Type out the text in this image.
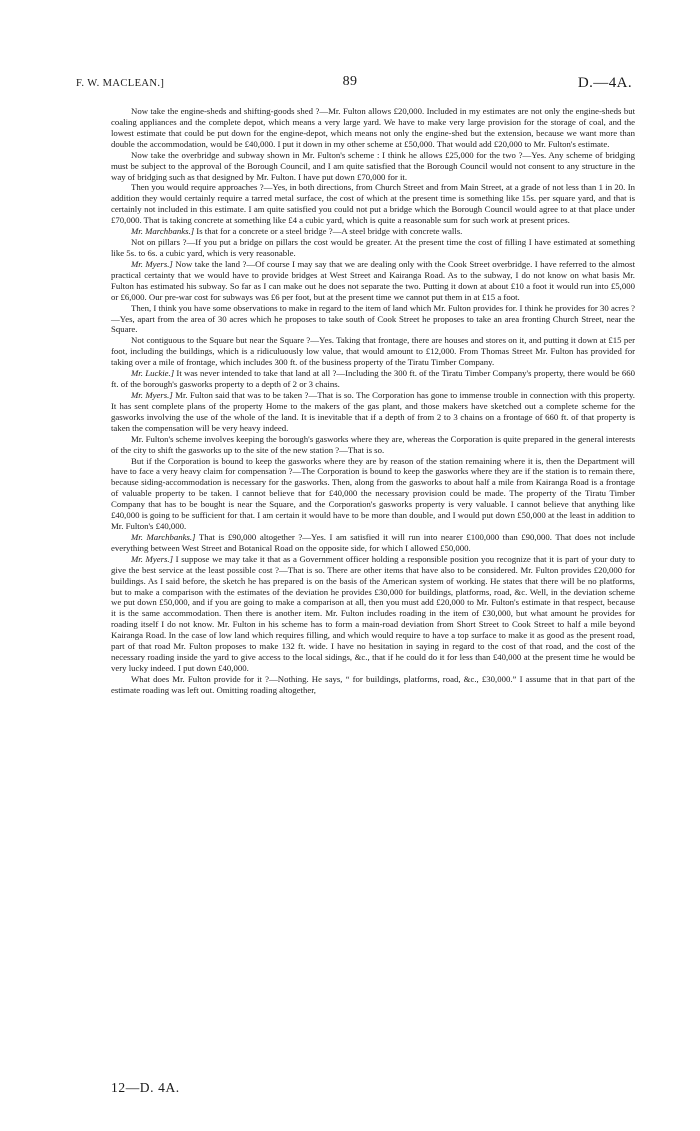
F. W. MACLEAN.]	89	D.—4A.

Now take the engine-sheds and shifting-goods shed ?—Mr. Fulton allows £20,000. Included in my estimates are not only the engine-sheds but coaling appliances and the complete depot, which means a very large yard. We have to make very large provision for the storage of coal, and the lowest estimate that could be put down for the engine-depot, which means not only the engine-shed but the extension, because we want more than double the accommodation, would be £40,000. I put it down in my other scheme at £50,000. That would add £20,000 to Mr. Fulton's estimate.

Now take the overbridge and subway shown in Mr. Fulton's scheme : I think he allows £25,000 for the two ?—Yes. Any scheme of bridging must be subject to the approval of the Borough Council, and I am quite satisfied that the Borough Council would not consent to any structure in the way of bridging such as that designed by Mr. Fulton. I have put down £70,000 for it.

Then you would require approaches ?—Yes, in both directions, from Church Street and from Main Street, at a grade of not less than 1 in 20. In addition they would certainly require a tarred metal surface, the cost of which at the present time is something like 15s. per square yard, and that is certainly not included in this estimate. I am quite satisfied you could not put a bridge which the Borough Council would agree to at that place under £70,000. That is taking concrete at something like £4 a cubic yard, which is quite a reasonable sum for such work at present prices.

Mr. Marchbanks.] Is that for a concrete or a steel bridge ?—A steel bridge with concrete walls.

Not on pillars ?—If you put a bridge on pillars the cost would be greater. At the present time the cost of filling I have estimated at something like 5s. to 6s. a cubic yard, which is very reasonable.

Mr. Myers.] Now take the land ?—Of course I may say that we are dealing only with the Cook Street overbridge. I have referred to the almost practical certainty that we would have to provide bridges at West Street and Kairanga Road. As to the subway, I do not know on what basis Mr. Fulton has estimated his subway. So far as I can make out he does not separate the two. Putting it down at about £10 a foot it would run into £5,000 or £6,000. Our pre-war cost for subways was £6 per foot, but at the present time we cannot put them in at £15 a foot.

Then, I think you have some observations to make in regard to the item of land which Mr. Fulton provides for. I think he provides for 30 acres ?—Yes, apart from the area of 30 acres which he proposes to take south of Cook Street he proposes to take an area fronting Church Street, near the Square.

Not contiguous to the Square but near the Square ?—Yes. Taking that frontage, there are houses and stores on it, and putting it down at £15 per foot, including the buildings, which is a ridiculuously low value, that would amount to £12,000. From Thomas Street Mr. Fulton has provided for taking over a mile of frontage, which includes 300 ft. of the business property of the Tiratu Timber Company.

Mr. Luckie.] It was never intended to take that land at all ?—Including the 300 ft. of the Tiratu Timber Company's property, there would be 660 ft. of the borough's gasworks property to a depth of 2 or 3 chains.

Mr. Myers.] Mr. Fulton said that was to be taken ?—That is so. The Corporation has gone to immense trouble in connection with this property. It has sent complete plans of the property Home to the makers of the gas plant, and those makers have sketched out a complete scheme for the gasworks involving the use of the whole of the land. It is inevitable that if a depth of from 2 to 3 chains on a frontage of 660 ft. of that property is taken the compensation will be very heavy indeed.

Mr. Fulton's scheme involves keeping the borough's gasworks where they are, whereas the Corporation is quite prepared in the general interests of the city to shift the gasworks up to the site of the new station ?—That is so.

But if the Corporation is bound to keep the gasworks where they are by reason of the station remaining where it is, then the Department will have to face a very heavy claim for compensation ?—The Corporation is bound to keep the gasworks where they are if the station is to remain there, because siding-accommodation is necessary for the gasworks. Then, along from the gasworks to about half a mile from Kairanga Road is a frontage of valuable property to be taken. I cannot believe that for £40,000 the necessary provision could be made. The property of the Tiratu Timber Company that has to be bought is near the Square, and the Corporation's gasworks property is very valuable. I cannot believe that anything like £40,000 is going to be sufficient for that. I am certain it would have to be more than double, and I would put down £50,000 at the least in addition to Mr. Fulton's £40,000.

Mr. Marchbanks.] That is £90,000 altogether ?—Yes. I am satisfied it will run into nearer £100,000 than £90,000. That does not include everything between West Street and Botanical Road on the opposite side, for which I allowed £50,000.

Mr. Myers.] I suppose we may take it that as a Government officer holding a responsible position you recognize that it is part of your duty to give the best service at the least possible cost ?—That is so. There are other items that have also to be considered. Mr. Fulton provides £20,000 for buildings. As I said before, the sketch he has prepared is on the basis of the American system of working. He states that there will be no platforms, but to make a comparison with the estimates of the deviation he provides £30,000 for buildings, platforms, road, &c. Well, in the deviation scheme we put down £50,000, and if you are going to make a comparison at all, then you must add £20,000 to Mr. Fulton's estimate in that respect, because it is the same accommodation. Then there is another item. Mr. Fulton includes roading in the item of £30,000, but what amount he provides for roading itself I do not know. Mr. Fulton in his scheme has to form a main-road deviation from Short Street to Cook Street to half a mile beyond Kairanga Road. In the case of low land which requires filling, and which would require to have a top surface to make it as good as the present road, part of that road Mr. Fulton proposes to make 132 ft. wide. I have no hesitation in saying in regard to the cost of that road, and the cost of the necessary roading inside the yard to give access to the local sidings, &c., that if he could do it for less than £40,000 at the present time he would be very lucky indeed. I put down £40,000.

What does Mr. Fulton provide for it ?—Nothing. He says, “ for buildings, platforms, road, &c., £30,000.” I assume that in that part of the estimate roading was left out. Omitting roading altogether,

12—D. 4A.
